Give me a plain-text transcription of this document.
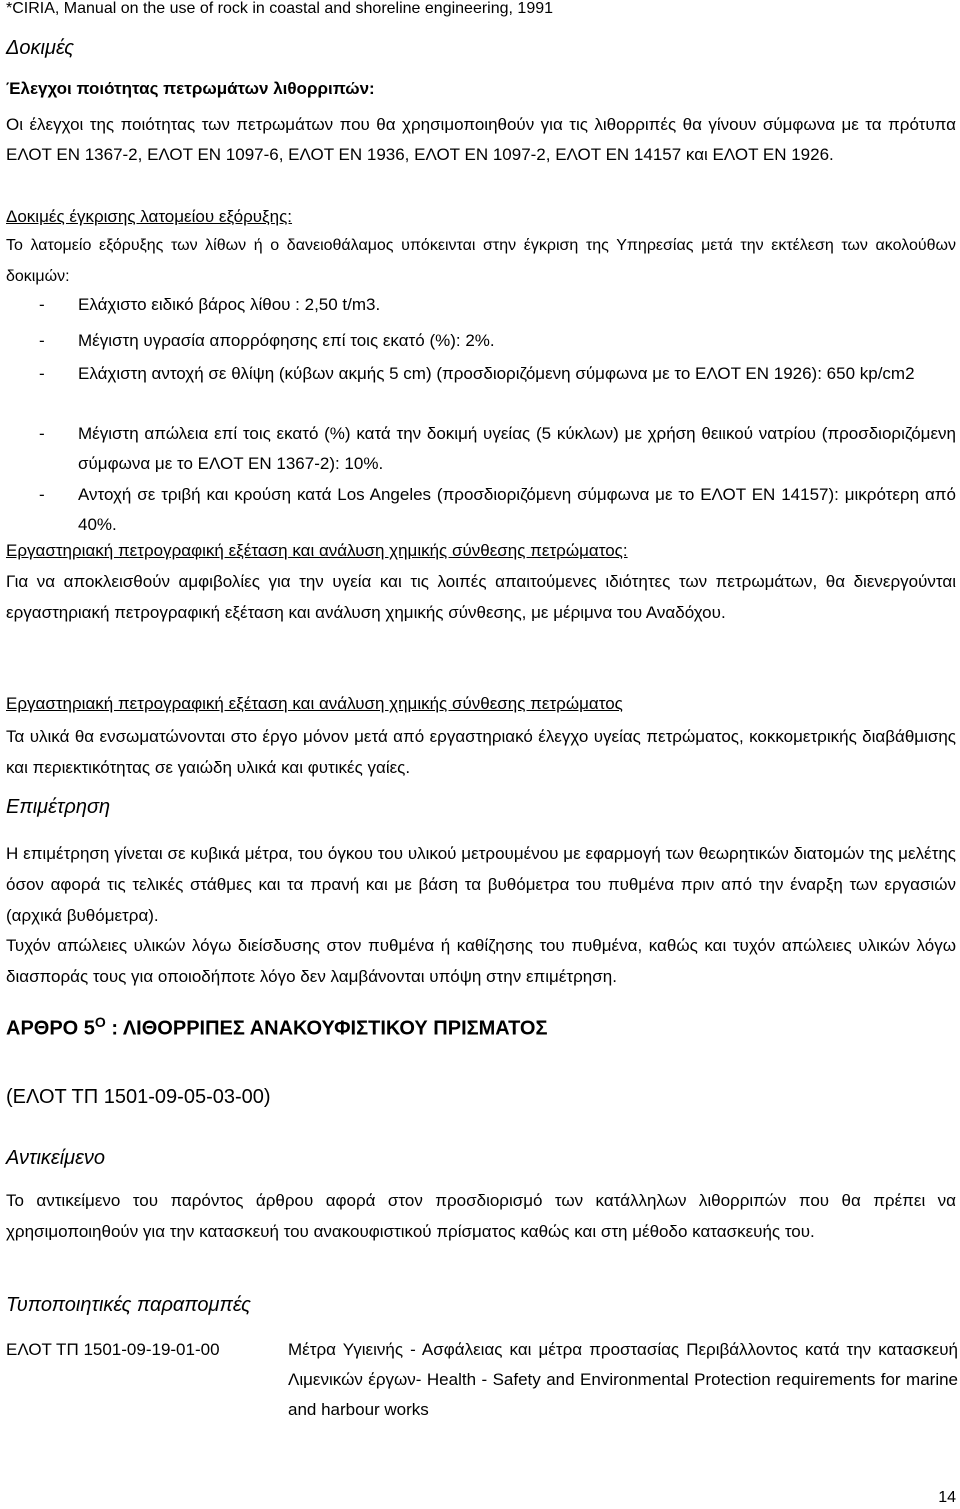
*CIRIA, Manual on the use of rock in coastal and shoreline engineering, 1991
Δοκιμές
Έλεγχοι ποιότητας πετρωμάτων λιθορριπών:
Οι έλεγχοι της ποιότητας των πετρωμάτων που θα χρησιμοποιηθούν για τις λιθορριπές θα γίνουν σύμφωνα με τα πρότυπα ΕΛΟΤ ΕΝ 1367-2, ΕΛΟΤ ΕΝ 1097-6, ΕΛΟΤ ΕΝ 1936, ΕΛΟΤ ΕΝ 1097-2, ΕΛΟΤ ΕΝ 14157 και ΕΛΟΤ ΕΝ 1926.
Δοκιμές έγκρισης λατομείου εξόρυξης:
Το λατομείο εξόρυξης των λίθων ή ο δανειοθάλαμος υπόκεινται στην έγκριση της Υπηρεσίας μετά την εκτέλεση των ακολούθων δοκιμών:
- Ελάχιστο ειδικό βάρος λίθου : 2,50 t/m3.
- Μέγιστη υγρασία απορρόφησης επί τοις εκατό (%): 2%.
- Ελάχιστη αντοχή σε θλίψη (κύβων ακμής 5 cm) (προσδιοριζόμενη σύμφωνα με το ΕΛΟΤ ΕΝ 1926): 650 kp/cm2
- Μέγιστη απώλεια επί τοις εκατό (%) κατά την δοκιμή υγείας (5 κύκλων) με χρήση θειικού νατρίου (προσδιοριζόμενη σύμφωνα με το ΕΛΟΤ ΕΝ 1367-2): 10%.
- Αντοχή σε τριβή και κρούση κατά Los Angeles (προσδιοριζόμενη σύμφωνα με το ΕΛΟΤ ΕΝ 14157): μικρότερη από 40%.
Εργαστηριακή πετρογραφική εξέταση και ανάλυση χημικής σύνθεσης πετρώματος:
Για να αποκλεισθούν αμφιβολίες για την υγεία και τις λοιπές απαιτούμενες ιδιότητες των πετρωμάτων, θα διενεργούνται εργαστηριακή πετρογραφική εξέταση και ανάλυση χημικής σύνθεσης, με μέριμνα του Αναδόχου.
Εργαστηριακή πετρογραφική εξέταση και ανάλυση χημικής σύνθεσης πετρώματος
Τα υλικά θα ενσωματώνονται στο έργο μόνον μετά από εργαστηριακό έλεγχο υγείας πετρώματος, κοκκομετρικής διαβάθμισης και περιεκτικότητας σε γαιώδη υλικά και φυτικές γαίες.
Επιμέτρηση
Η επιμέτρηση γίνεται σε κυβικά μέτρα, του όγκου του υλικού μετρουμένου με εφαρμογή των θεωρητικών διατομών της μελέτης όσον αφορά τις τελικές στάθμες και τα πρανή και με βάση τα βυθόμετρα του πυθμένα πριν από την έναρξη των εργασιών (αρχικά βυθόμετρα).
Τυχόν απώλειες υλικών λόγω διείσδυσης στον πυθμένα ή καθίζησης του πυθμένα, καθώς και τυχόν απώλειες υλικών λόγω διασποράς τους για οποιοδήποτε λόγο δεν λαμβάνονται υπόψη στην επιμέτρηση.
ΑΡΘΡΟ $5^O$ : ΛΙΘΟΡΡΙΠΕΣ ΑΝΑΚΟΥΦΙΣΤΙΚΟΥ ΠΡΙΣΜΑΤΟΣ
(ΕΛΟΤ ΤΠ 1501-09-05-03-00)
Αντικείμενο
Το αντικείμενο του παρόντος άρθρου αφορά στον προσδιορισμό των κατάλληλων λιθορριπών που θα πρέπει να χρησιμοποιηθούν για την κατασκευή του ανακουφιστικού πρίσματος καθώς και στη μέθοδο κατασκευής του.
Τυποποιητικές παραπομπές
ΕΛΟΤ ΤΠ 1501-09-19-01-00	Μέτρα Υγιεινής - Ασφάλειας και μέτρα προστασίας Περιβάλλοντος κατά την κατασκευή Λιμενικών έργων- Health - Safety and Environmental Protection requirements for marine and harbour works
14
